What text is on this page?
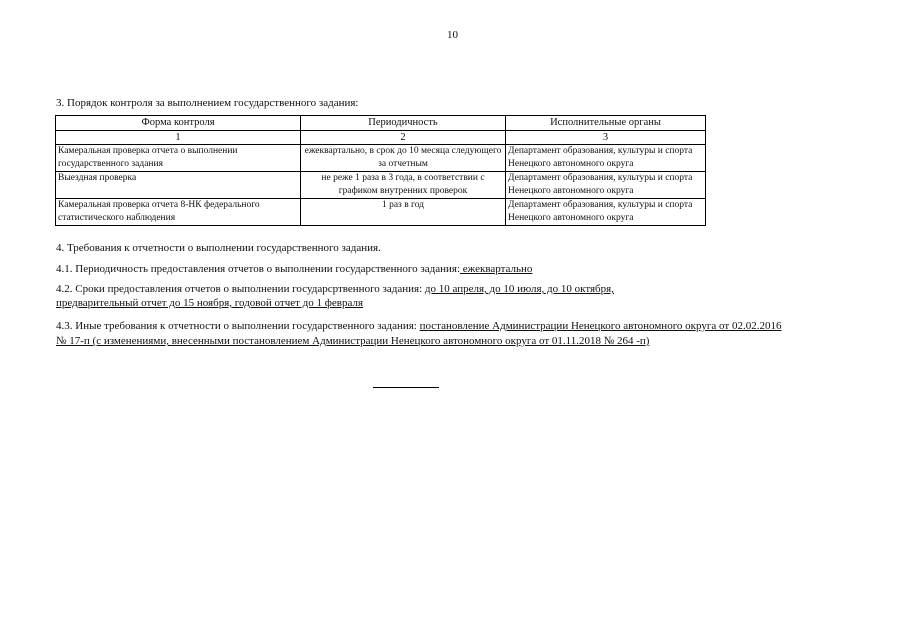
10
3. Порядок контроля за выполнением государственного задания:
Форма контроля	Периодичность	Исполнительные органы
1	2	3
Камеральная проверка отчета о выполнении государственного задания	ежеквартально, в срок до 10 месяца следующего за отчетным	Департамент образования, культуры и спорта Ненецкого автономного округа
Выездная проверка	не реже 1 раза в 3 года, в соответствии с графиком внутренних проверок	Департамент образования, культуры и спорта Ненецкого автономного округа
Камеральная проверка отчета 8-НК федерального статистического наблюдения	1 раз в год	Департамент образования, культуры и спорта Ненецкого автономного округа
4. Требования к отчетности о выполнении государственного задания.
4.1. Периодичность предоставления отчетов о выполнении государственного задания: ежеквартально
4.2. Сроки предоставления отчетов о выполнении государсртвенного задания: до 10 апреля, до 10 июля, до 10 октября,
предварительный отчет до 15 ноября, годовой отчет до 1 февраля
4.3. Иные требования к отчетности о выполнении государственного задания: постановление Администрации Ненецкого автономного округа от 02.02.2016
№ 17-п (с изменениями, внесенными постановлением Администрации Ненецкого автономного округа от 01.11.2018 № 264 -п)
